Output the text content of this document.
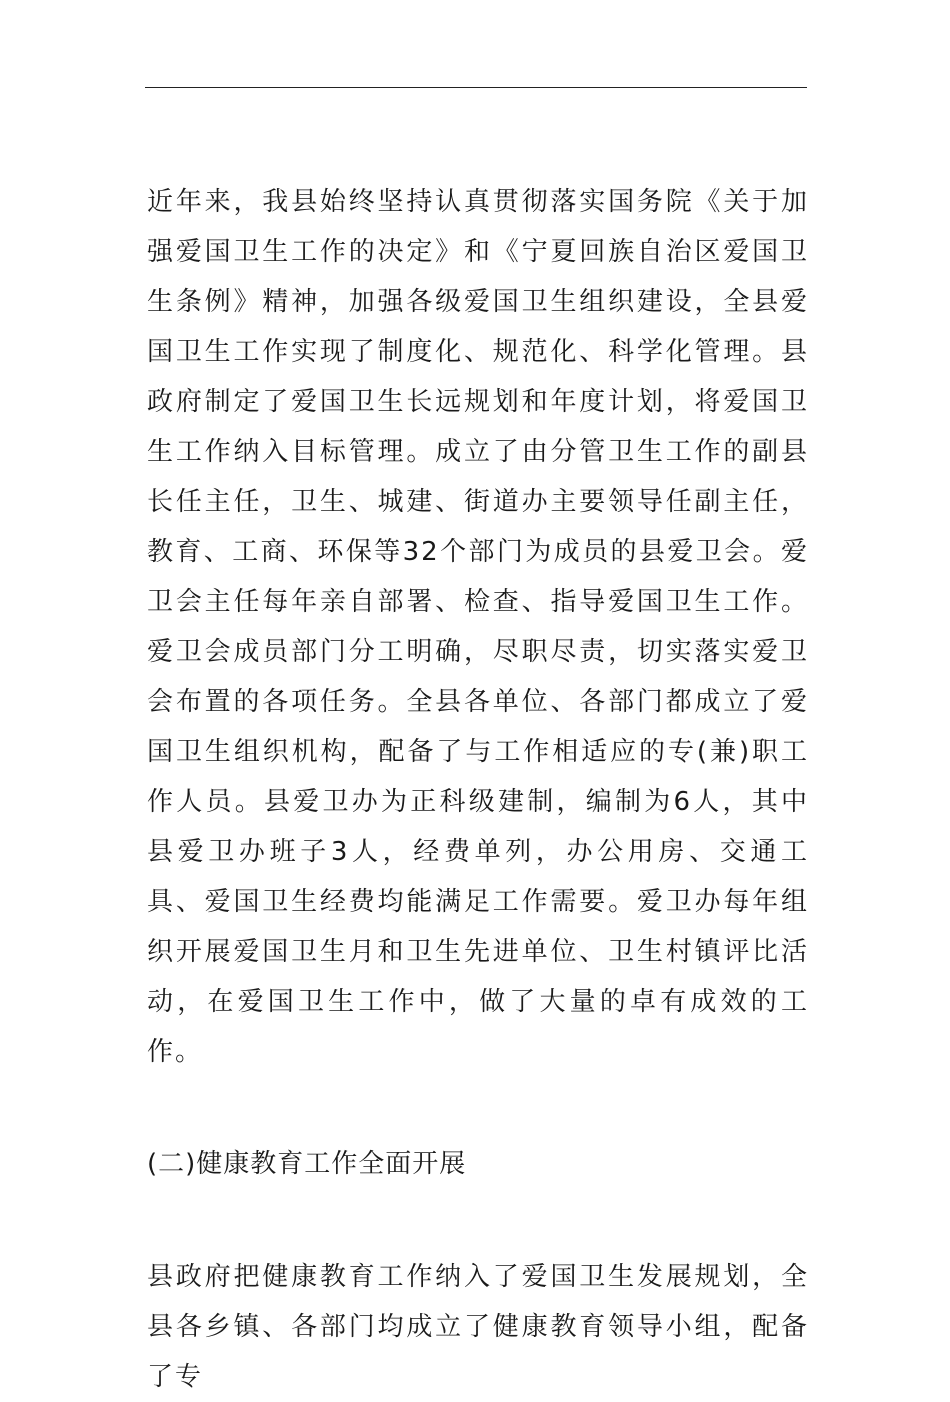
近年来，我县始终坚持认真贯彻落实国务院《关于加强爱国卫生工作的决定》和《宁夏回族自治区爱国卫生条例》精神，加强各级爱国卫生组织建设，全县爱国卫生工作实现了制度化、规范化、科学化管理。县政府制定了爱国卫生长远规划和年度计划，将爱国卫生工作纳入目标管理。成立了由分管卫生工作的副县长任主任，卫生、城建、街道办主要领导任副主任，教育、工商、环保等32个部门为成员的县爱卫会。爱卫会主任每年亲自部署、检查、指导爱国卫生工作。爱卫会成员部门分工明确，尽职尽责，切实落实爱卫会布置的各项任务。全县各单位、各部门都成立了爱国卫生组织机构，配备了与工作相适应的专(兼)职工作人员。县爱卫办为正科级建制，编制为6人，其中县爱卫办班子3人，经费单列，办公用房、交通工具、爱国卫生经费均能满足工作需要。爱卫办每年组织开展爱国卫生月和卫生先进单位、卫生村镇评比活动，在爱国卫生工作中，做了大量的卓有成效的工作。

(二)健康教育工作全面开展

县政府把健康教育工作纳入了爱国卫生发展规划，全县各乡镇、各部门均成立了健康教育领导小组，配备了专
